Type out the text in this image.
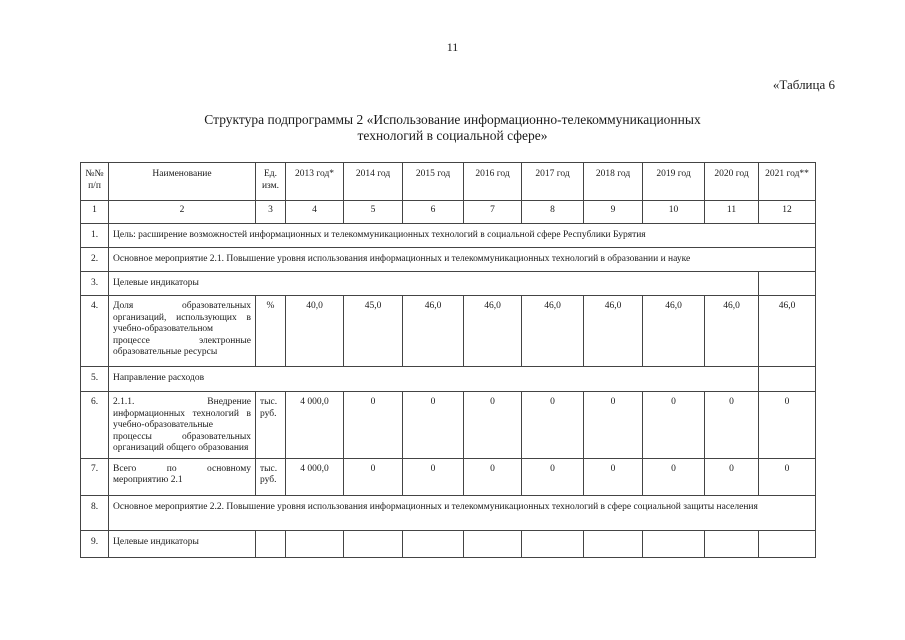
11
«Таблица 6
Структура подпрограммы 2 «Использование информационно-телекоммуникационных
технологий в социальной сфере»
№№ п/п	Наименование	Ед. изм.	2013 год*	2014 год	2015 год	2016 год	2017 год	2018 год	2019 год	2020 год	2021 год**
1	2	3	4	5	6	7	8	9	10	11	12
1.	Цель: расширение возможностей информационных и телекоммуникационных технологий в социальной сфере Республики Бурятия										
2.	Основное мероприятие 2.1. Повышение уровня использования информационных и телекоммуникационных технологий в образовании и науке										
3.	Целевые индикаторы										
4.	Доля образовательных организаций, использующих в учебно-образовательном процессе электронные образовательные ресурсы	%	40,0	45,0	46,0	46,0	46,0	46,0	46,0	46,0	46,0
5.	Направление расходов										
6.	2.1.1. Внедрение информационных технологий в учебно-образовательные процессы образовательных организаций общего образования	тыс. руб.	4 000,0	0	0	0	0	0	0	0	0
7.	Всего по основному мероприятию 2.1	тыс. руб.	4 000,0	0	0	0	0	0	0	0	0
8.	Основное мероприятие 2.2. Повышение уровня использования информационных и телекоммуникационных технологий в сфере социальной защиты населения										
9.	Целевые индикаторы										
